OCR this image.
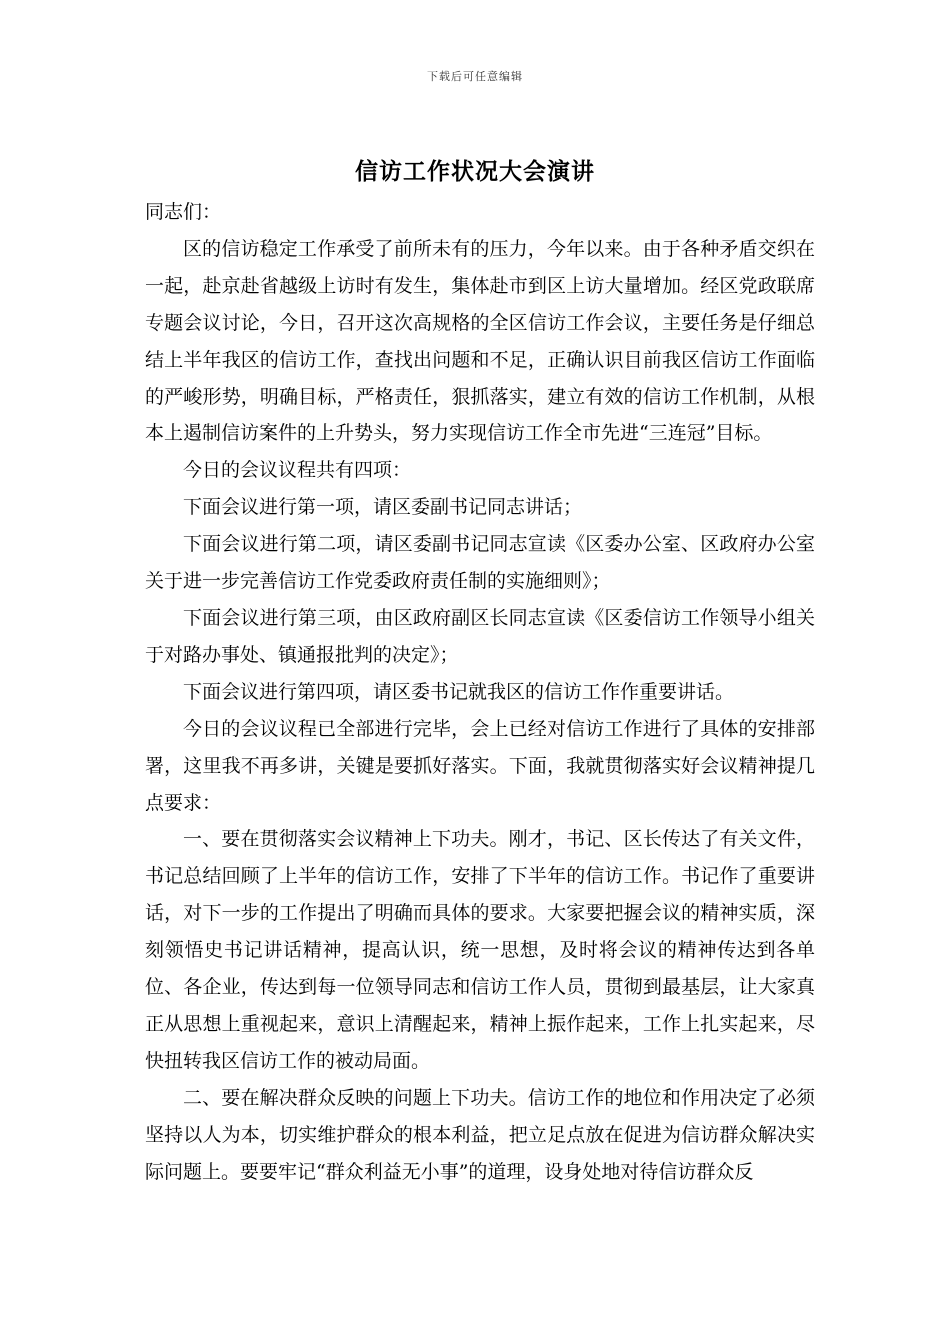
下载后可任意编辑
信访工作状况大会演讲

同志们：

区的信访稳定工作承受了前所未有的压力，今年以来。由于各种矛盾交织在一起，赴京赴省越级上访时有发生，集体赴市到区上访大量增加。经区党政联席专题会议讨论，今日，召开这次高规格的全区信访工作会议，主要任务是仔细总结上半年我区的信访工作，查找出问题和不足，正确认识目前我区信访工作面临的严峻形势，明确目标，严格责任，狠抓落实，建立有效的信访工作机制，从根本上遏制信访案件的上升势头，努力实现信访工作全市先进“三连冠”目标。

今日的会议议程共有四项：

下面会议进行第一项，请区委副书记同志讲话；

下面会议进行第二项，请区委副书记同志宣读《区委办公室、区政府办公室关于进一步完善信访工作党委政府责任制的实施细则》；

下面会议进行第三项，由区政府副区长同志宣读《区委信访工作领导小组关于对路办事处、镇通报批判的决定》；

下面会议进行第四项，请区委书记就我区的信访工作作重要讲话。

今日的会议议程已全部进行完毕，会上已经对信访工作进行了具体的安排部署，这里我不再多讲，关键是要抓好落实。下面，我就贯彻落实好会议精神提几点要求：

一、要在贯彻落实会议精神上下功夫。刚才，书记、区长传达了有关文件，书记总结回顾了上半年的信访工作，安排了下半年的信访工作。书记作了重要讲话，对下一步的工作提出了明确而具体的要求。大家要把握会议的精神实质，深刻领悟史书记讲话精神，提高认识，统一思想，及时将会议的精神传达到各单位、各企业，传达到每一位领导同志和信访工作人员，贯彻到最基层，让大家真正从思想上重视起来，意识上清醒起来，精神上振作起来，工作上扎实起来，尽快扭转我区信访工作的被动局面。

二、要在解决群众反映的问题上下功夫。信访工作的地位和作用决定了必须坚持以人为本，切实维护群众的根本利益，把立足点放在促进为信访群众解决实际问题上。要要牢记“群众利益无小事”的道理，设身处地对待信访群众反
